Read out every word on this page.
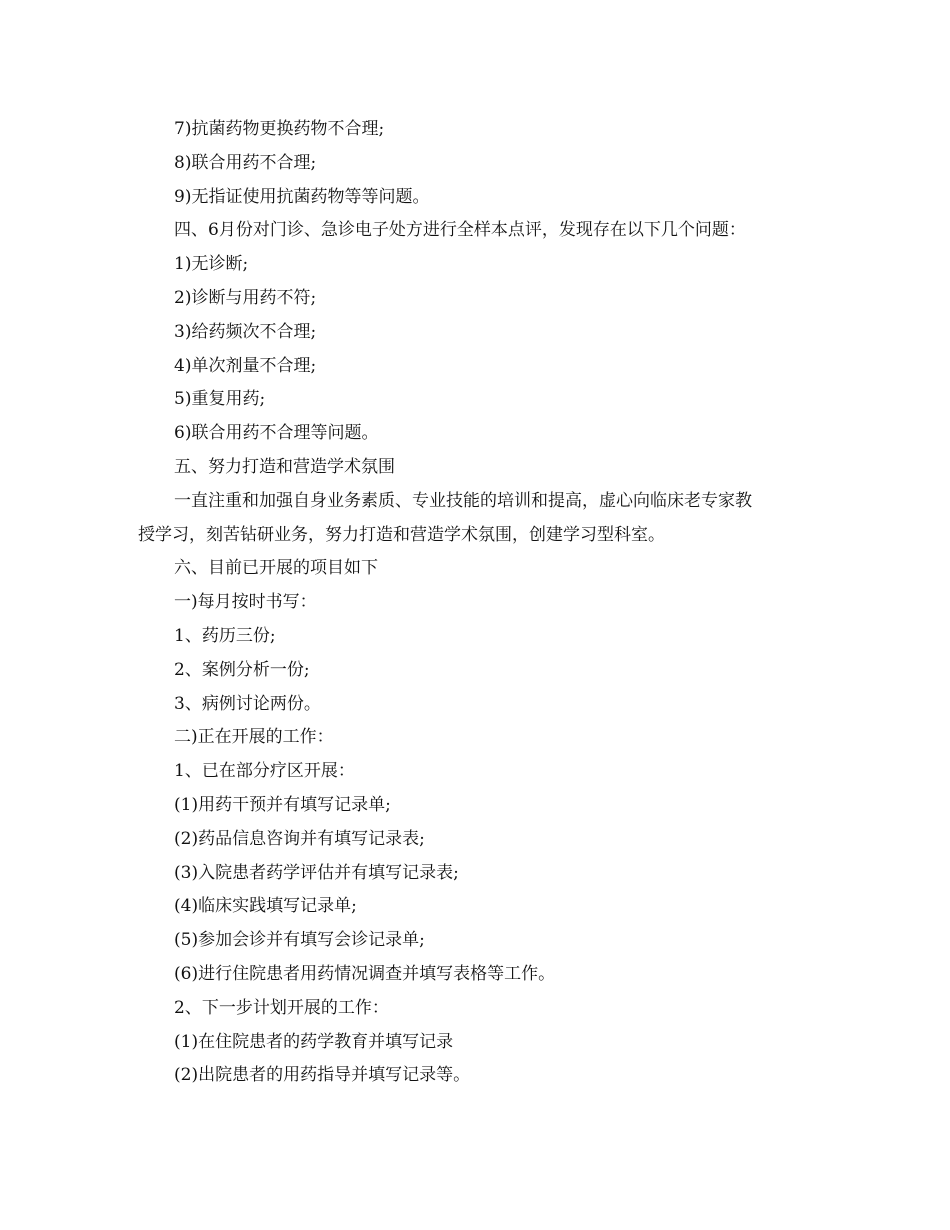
7)抗菌药物更换药物不合理;
8)联合用药不合理;
9)无指证使用抗菌药物等等问题。
四、6月份对门诊、急诊电子处方进行全样本点评，发现存在以下几个问题：
1)无诊断;
2)诊断与用药不符;
3)给药频次不合理;
4)单次剂量不合理;
5)重复用药;
6)联合用药不合理等问题。
五、努力打造和营造学术氛围
一直注重和加强自身业务素质、专业技能的培训和提高，虚心向临床老专家教
授学习，刻苦钻研业务，努力打造和营造学术氛围，创建学习型科室。
六、目前已开展的项目如下
一)每月按时书写：
1、药历三份;
2、案例分析一份;
3、病例讨论两份。
二)正在开展的工作：
1、已在部分疗区开展：
(1)用药干预并有填写记录单;
(2)药品信息咨询并有填写记录表;
(3)入院患者药学评估并有填写记录表;
(4)临床实践填写记录单;
(5)参加会诊并有填写会诊记录单;
(6)进行住院患者用药情况调查并填写表格等工作。
2、下一步计划开展的工作：
(1)在住院患者的药学教育并填写记录
(2)出院患者的用药指导并填写记录等。
